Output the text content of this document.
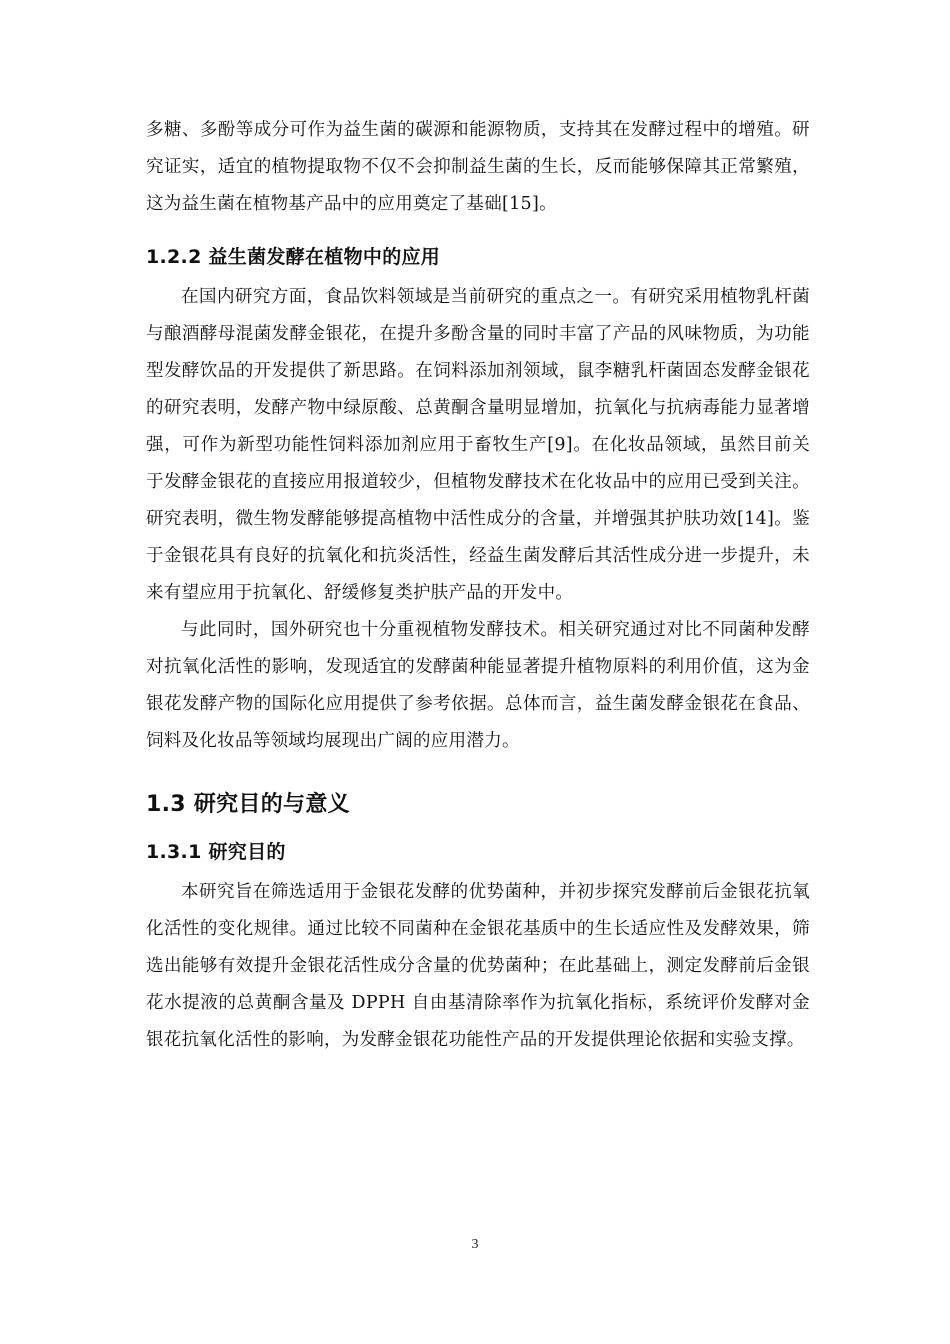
多糖、多酚等成分可作为益生菌的碳源和能源物质，支持其在发酵过程中的增殖。研究证实，适宜的植物提取物不仅不会抑制益生菌的生长，反而能够保障其正常繁殖，这为益生菌在植物基产品中的应用奠定了基础[15]。

1.2.2 益生菌发酵在植物中的应用

在国内研究方面，食品饮料领域是当前研究的重点之一。有研究采用植物乳杆菌与酿酒酵母混菌发酵金银花，在提升多酚含量的同时丰富了产品的风味物质，为功能型发酵饮品的开发提供了新思路。在饲料添加剂领域，鼠李糖乳杆菌固态发酵金银花的研究表明，发酵产物中绿原酸、总黄酮含量明显增加，抗氧化与抗病毒能力显著增强，可作为新型功能性饲料添加剂应用于畜牧生产[9]。在化妆品领域，虽然目前关于发酵金银花的直接应用报道较少，但植物发酵技术在化妆品中的应用已受到关注。研究表明，微生物发酵能够提高植物中活性成分的含量，并增强其护肤功效[14]。鉴于金银花具有良好的抗氧化和抗炎活性，经益生菌发酵后其活性成分进一步提升，未来有望应用于抗氧化、舒缓修复类护肤产品的开发中。

与此同时，国外研究也十分重视植物发酵技术。相关研究通过对比不同菌种发酵对抗氧化活性的影响，发现适宜的发酵菌种能显著提升植物原料的利用价值，这为金银花发酵产物的国际化应用提供了参考依据。总体而言，益生菌发酵金银花在食品、饲料及化妆品等领域均展现出广阔的应用潜力。

1.3 研究目的与意义
1.3.1 研究目的

本研究旨在筛选适用于金银花发酵的优势菌种，并初步探究发酵前后金银花抗氧化活性的变化规律。通过比较不同菌种在金银花基质中的生长适应性及发酵效果，筛选出能够有效提升金银花活性成分含量的优势菌种；在此基础上，测定发酵前后金银花水提液的总黄酮含量及 DPPH 自由基清除率作为抗氧化指标，系统评价发酵对金银花抗氧化活性的影响，为发酵金银花功能性产品的开发提供理论依据和实验支撑。

3
